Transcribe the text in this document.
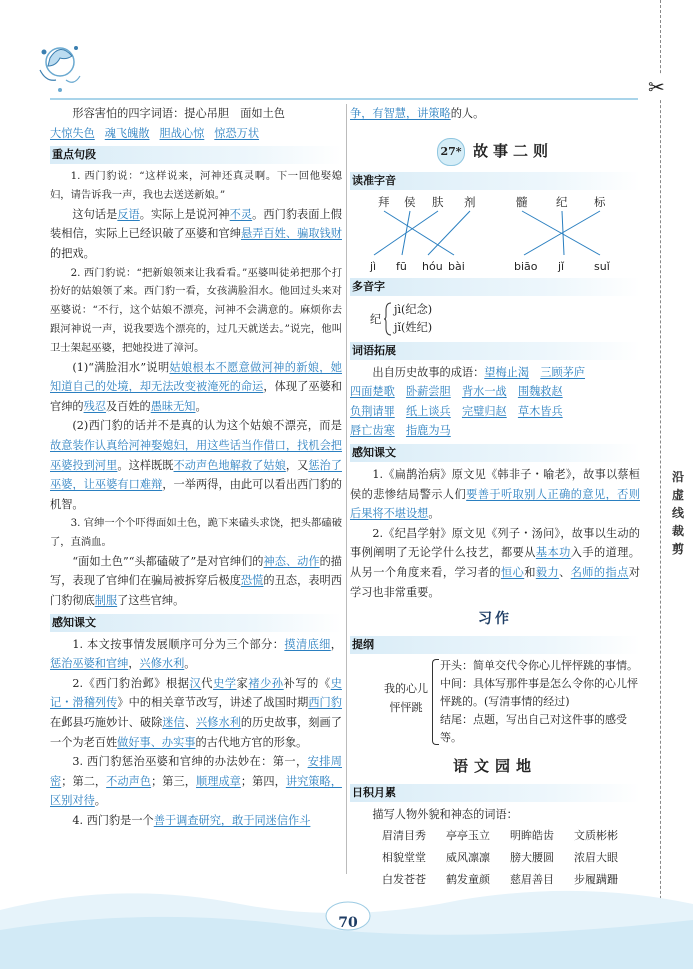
✂
沿虚线裁剪
70

形容害怕的四字词语：提心吊胆　面如土色

大惊失色 魂飞魄散 胆战心惊 惊恐万状
重点句段

1. 西门豹说：“这样说来，河神还真灵啊。下一回他娶媳妇，请告诉我一声，我也去送送新娘。”

这句话是反语。实际上是说河神不灵。西门豹表面上假装相信，实际上已经识破了巫婆和官绅悬弄百姓、骗取钱财的把戏。

2. 西门豹说：“把新娘领来让我看看。”巫婆叫徒弟把那个打扮好的姑娘领了来。西门豹一看，女孩满脸泪水。他回过头来对巫婆说：“不行，这个姑娘不漂亮，河神不会满意的。麻烦你去跟河神说一声，说我要选个漂亮的，过几天就送去。”说完，他叫卫士架起巫婆，把她投进了漳河。

(1)“满脸泪水”说明姑娘根本不愿意做河神的新娘，她知道自己的处境，却无法改变被淹死的命运，体现了巫婆和官绅的残忍及百姓的愚昧无知。

(2)西门豹的话并不是真的认为这个姑娘不漂亮，而是故意装作认真给河神娶媳妇，用这些话当作借口，找机会把巫婆投到河里。这样既既不动声色地解救了姑娘，又惩治了巫婆，让巫婆有口难辩，一举两得，由此可以看出西门豹的机智。

3. 官绅一个个吓得面如土色，跪下来磕头求饶，把头都磕破了，直淌血。

“面如土色”“头都磕破了”是对官绅们的神态、动作的描写，表现了官绅们在骗局被拆穿后极度恐慌的丑态，表明西门豹彻底制服了这些官绅。

感知课文

1. 本文按事情发展顺序可分为三个部分：摸清底细，惩治巫婆和官绅，兴修水利。

2.《西门豹治邺》根据汉代史学家褚少孙补写的《史记・滑稽列传》中的相关章节改写，讲述了战国时期西门豹在邺县巧施妙计、破除迷信、兴修水利的历史故事，刻画了一个为老百姓做好事、办实事的古代地方官的形象。

3. 西门豹惩治巫婆和官绅的办法妙在：第一，安排周密；第二，不动声色；第三，顺理成章；第四，讲究策略，区别对待。

4. 西门豹是一个善于调查研究，敢于同迷信作斗

争，有智慧，讲策略的人。

27* 故事二则
读准字音
拜 侯 肤 剂	髓 纪 标
jì fū hóu bài	biāo jǐ	suǐ
多音字
纪
jì(纪念)
jǐ(姓纪)
词语拓展

出自历史故事的成语：望梅止渴　 三顾茅庐

四面楚歌　 卧薪尝胆　 背水一战　 围魏救赵

负荆请罪　 纸上谈兵　 完璧归赵　 草木皆兵

唇亡齿寒　 指鹿为马

感知课文

1.《扁鹊治病》原文见《韩非子・喻老》，故事以蔡桓侯的悲惨结局警示人们要善于听取别人正确的意见，否则后果将不堪设想。

2.《纪昌学射》原文见《列子・汤问》，故事以生动的事例阐明了无论学什么技艺，都要从基本功入手的道理。从另一个角度来看，学习者的恒心和毅力、名师的指点对学习也非常重要。

习作
提纲
我的心儿怦怦跳
开头：简单交代令你心儿怦怦跳的事情。
中间：具体写那件事是怎么令你的心儿怦怦跳的。(写清事情的经过)
结尾：点题，写出自己对这件事的感受等。
语文园地
日积月累

描写人物外貌和神态的词语：

眉清目秀	亭亭玉立	明眸皓齿	文质彬彬
相貌堂堂	威风凛凛	膀大腰圆	浓眉大眼
白发苍苍	鹤发童颜	慈眉善目	步履蹒跚
